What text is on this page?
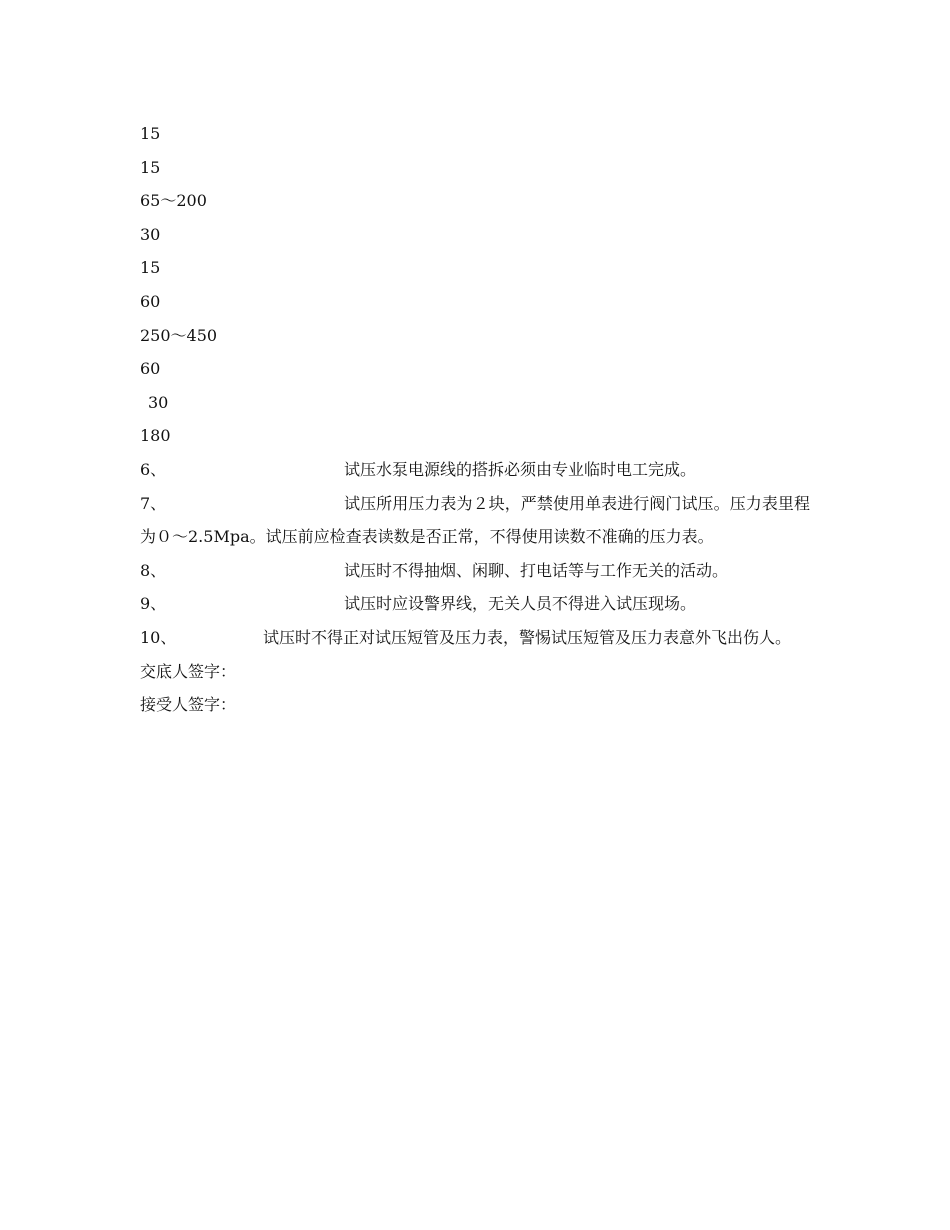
15
15
65～200
30
15
60
250～450
60
30
180
6、	试压水泵电源线的搭拆必须由专业临时电工完成。
7、	试压所用压力表为２块，严禁使用单表进行阀门试压。压力表里程为０～2.5Mpa。试压前应检查表读数是否正常，不得使用读数不准确的压力表。
8、	试压时不得抽烟、闲聊、打电话等与工作无关的活动。
9、	试压时应设警界线，无关人员不得进入试压现场。
10、	试压时不得正对试压短管及压力表，警惕试压短管及压力表意外飞出伤人。
交底人签字：
接受人签字：
